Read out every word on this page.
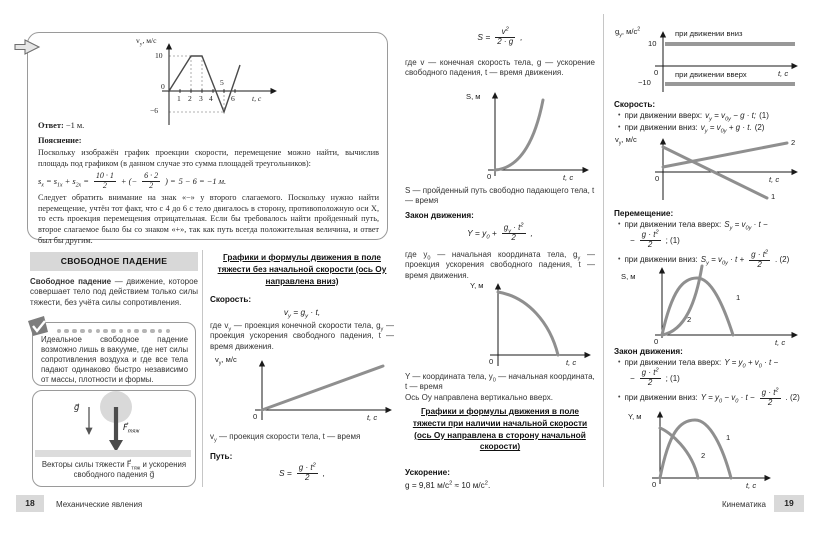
$v_y$, м/с
10
0
−6
1 2 3 4
5
6 t, с
Ответ: −1 м.
Пояснение:
Поскольку изображён график проекции скорости, перемещение можно найти, вычислив площадь под графиком (в данном случае это сумма площадей треугольников):
$s_x = s_{1x} + s_{2x} = \frac{10 \cdot 1}{2}$ + (− $\frac{6 \cdot 2}{2}$ ) = 5 − 6 = −1 м.
Следует обратить внимание на знак «−» у второго слагаемого. Поскольку нужно найти перемещение, учтён тот факт, что с 4 до 6 с тело двигалось в сторону, противоположную оси X, то есть проекция перемещения отрицательная. Если бы требовалось найти пройденный путь, второе слагаемое было бы со знаком «+», так как путь всегда положительная величина, и ответ был бы другим.
СВОБОДНОЕ ПАДЕНИЕ
Свободное падение — движение, которое совершает тело под действием только силы тяжести, без учёта силы сопротивления.
Идеальное свободное падение возможно лишь в вакууме, где нет силы сопротивления воздуха и где все тела падают одинаково быстро независимо от массы, плотности и формы.
g⃗
$F⃗_{тяж}$
Векторы силы тяжести $F⃗_{тяж}$ и ускорения свободного падения g⃗
Графики и формулы движения в поле тяжести без начальной скорости (ось Oy направлена вниз)
Скорость:
$v_y = g_y \cdot t$,
где $v_y$ — проекция конечной скорости тела, $g_y$ — проекция ускорения свободного падения, t — время движения.
$v_y$, м/с
0	t, с
$v_y$ — проекция скорости тела, t — время
Путь:
$S = \frac{g \cdot t^2}{2}$ ,
18	Механические явления
$S = \frac{v^2}{2 \cdot g}$ ,
где v — конечная скорость тела, g — ускорение свободного падения, t — время движения.
S, м
0	t, с
S — пройденный путь свободно падающего тела, t — время
Закон движения:
$Y = y_0 + \frac{g_y \cdot t^2}{2}$ ,
где $y_0$ — начальная координата тела, $g_y$ — проекция ускорения свободного падения, t — время движения.
Y, м
0	t, с
Y — координата тела, $y_0$ — начальная координата, t — время
Ось Oy направлена вертикально вверх.
Графики и формулы движения в поле тяжести при наличии начальной скорости (ось Oy направлена в сторону начальной скорости)
Ускорение:
g = 9,81 $м/с^2 \approx 10$ $м/с^2$.
$g_y$, $м/с^2$
10
0
−10
при движении вниз
при движении вверх	t, с
Скорость:
• при движении вверх: $v_y = v_{0y} - g \cdot t$; (1)
• при движении вниз: $v_y = v_{0y} + g \cdot t$. (2)
$v_y$, м/с
0	t, с
2
1
Перемещение:
• при движении тела вверх: $S_y = v_{0y} \cdot t$ −
− $\frac{g \cdot t^2}{2}$ ; (1)
• при движении вниз: $S_y = v_{0y} \cdot t + \frac{g \cdot t^2}{2}$ . (2)
S, м
0	t, с
1
2
Закон движения:
• при движении тела вверх: $Y = y_0 + v_0 \cdot t$ −
− $\frac{g \cdot t^2}{2}$ ; (1)
• при движении вниз: $Y = y_0 - v_0 \cdot t - \frac{g \cdot t^2}{2}$ . (2)
Y, м
0	t, с
1
2
Кинематика	19
